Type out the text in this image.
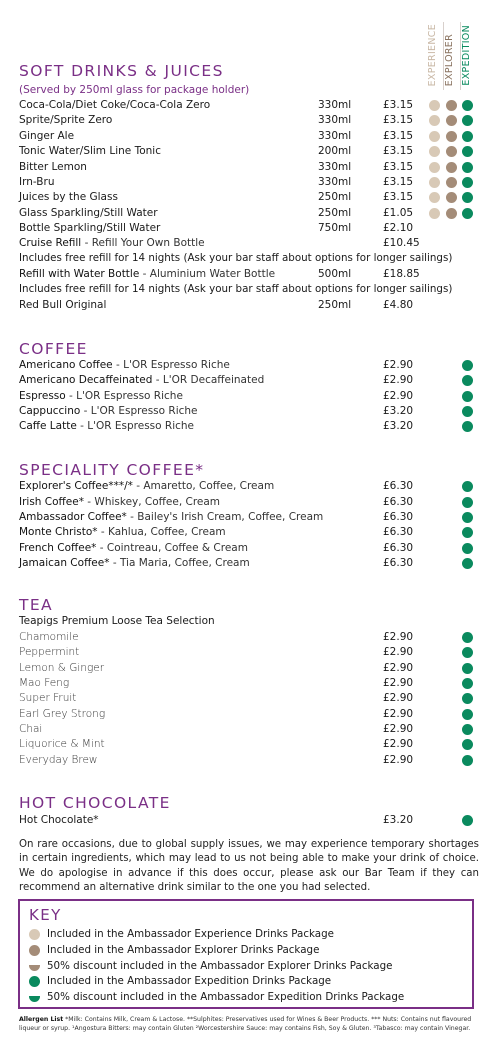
EXPERIENCE EXPLORER EXPEDITION
SOFT DRINKS & JUICES
(Served by 250ml glass for package holder)
Coca-Cola/Diet Coke/Coca-Cola Zero	330ml	£3.15
Sprite/Sprite Zero	330ml	£3.15
Ginger Ale	330ml	£3.15
Tonic Water/Slim Line Tonic	200ml	£3.15
Bitter Lemon	330ml	£3.15
Irn-Bru	330ml	£3.15
Juices by the Glass	250ml	£3.15
Glass Sparkling/Still Water	250ml	£1.05
Bottle Sparkling/Still Water	750ml	£2.10
Cruise Refill - Refill Your Own Bottle	£10.45
Includes free refill for 14 nights (Ask your bar staff about options for longer sailings)
Refill with Water Bottle - Aluminium Water Bottle	500ml	£18.85
Includes free refill for 14 nights (Ask your bar staff about options for longer sailings)
Red Bull Original	250ml	£4.80
COFFEE
Americano Coffee - L'OR Espresso Riche	£2.90
Americano Decaffeinated - L'OR Decaffeinated	£2.90
Espresso - L'OR Espresso Riche	£2.90
Cappuccino - L'OR Espresso Riche	£3.20
Caffe Latte - L'OR Espresso Riche	£3.20
SPECIALITY COFFEE*
Explorer's Coffee***/* - Amaretto, Coffee, Cream	£6.30
Irish Coffee* - Whiskey, Coffee, Cream	£6.30
Ambassador Coffee* - Bailey's Irish Cream, Coffee, Cream	£6.30
Monte Christo* - Kahlua, Coffee, Cream	£6.30
French Coffee* - Cointreau, Coffee & Cream	£6.30
Jamaican Coffee* - Tia Maria, Coffee, Cream	£6.30
TEA
Teapigs Premium Loose Tea Selection
Chamomile	£2.90
Peppermint	£2.90
Lemon & Ginger	£2.90
Mao Feng	£2.90
Super Fruit	£2.90
Earl Grey Strong	£2.90
Chai	£2.90
Liquorice & Mint	£2.90
Everyday Brew	£2.90
HOT CHOCOLATE
Hot Chocolate*	£3.20
On rare occasions, due to global supply issues, we may experience temporary shortages in certain ingredients, which may lead to us not being able to make your drink of choice. We do apologise in advance if this does occur, please ask our Bar Team if they can recommend an alternative drink similar to the one you had selected.
KEY
Included in the Ambassador Experience Drinks Package
Included in the Ambassador Explorer Drinks Package
50% discount included in the Ambassador Explorer Drinks Package
Included in the Ambassador Expedition Drinks Package
50% discount included in the Ambassador Expedition Drinks Package
Allergen List *Milk: Contains Milk, Cream & Lactose. **Sulphites: Preservatives used for Wines & Beer Products. *** Nuts: Contains nut flavoured liqueur or syrup. ¹Angostura Bitters: may contain Gluten ²Worcestershire Sauce: may contains Fish, Soy & Gluten. ³Tabasco: may contain Vinegar.
